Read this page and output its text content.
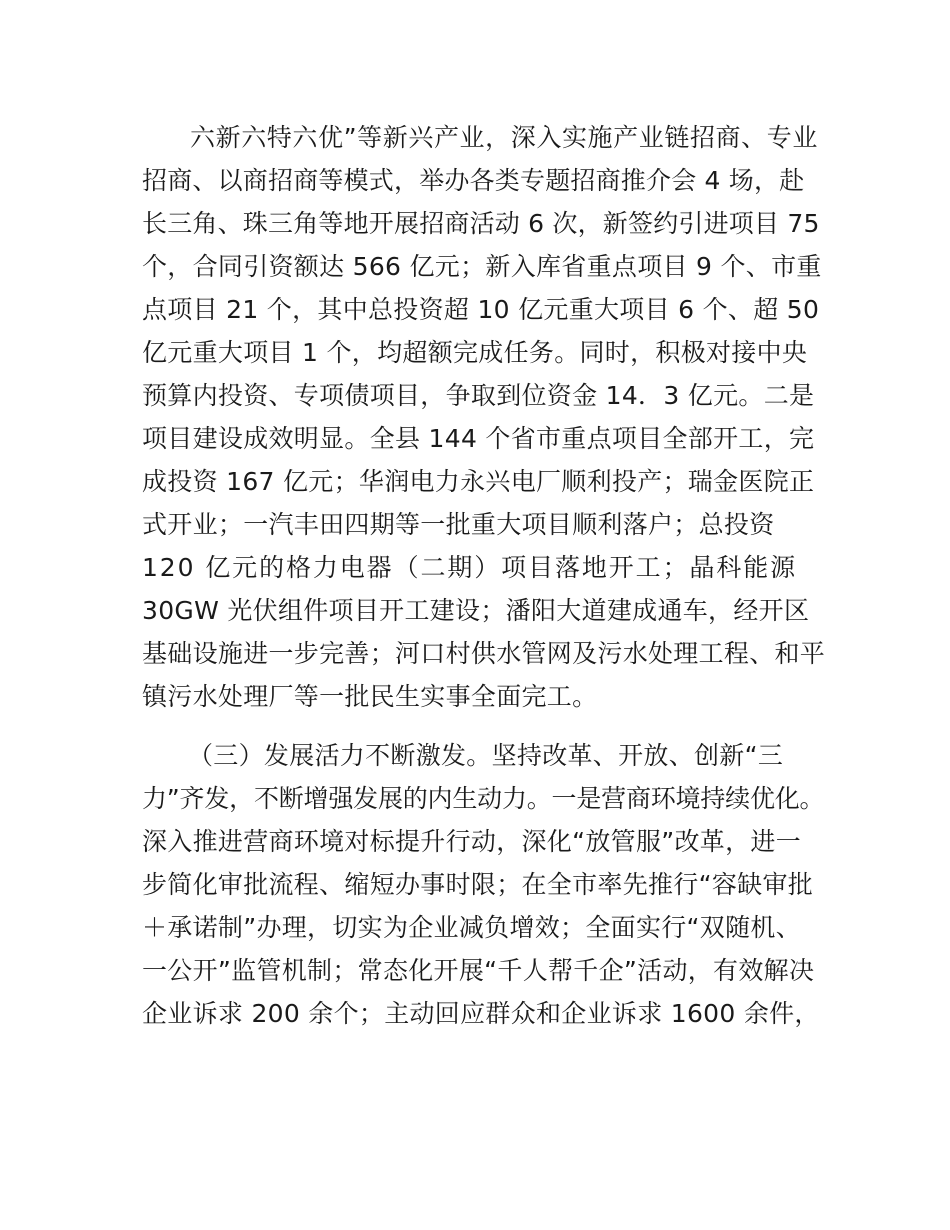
六新六特六优”等新兴产业，深入实施产业链招商、专业
招商、以商招商等模式，举办各类专题招商推介会 4 场，赴
长三角、珠三角等地开展招商活动 6 次，新签约引进项目 75
个，合同引资额达 566 亿元；新入库省重点项目 9 个、市重
点项目 21 个，其中总投资超 10 亿元重大项目 6 个、超 50
亿元重大项目 1 个，均超额完成任务。同时，积极对接中央
预算内投资、专项债项目，争取到位资金 14．3 亿元。二是
项目建设成效明显。全县 144 个省市重点项目全部开工，完
成投资 167 亿元；华润电力永兴电厂顺利投产；瑞金医院正
式开业；一汽丰田四期等一批重大项目顺利落户；总投资
120 亿元的格力电器（二期）项目落地开工；晶科能源
30GW 光伏组件项目开工建设；潘阳大道建成通车，经开区
基础设施进一步完善；河口村供水管网及污水处理工程、和平
镇污水处理厂等一批民生实事全面完工。
（三）发展活力不断激发。坚持改革、开放、创新“三
力”齐发，不断增强发展的内生动力。一是营商环境持续优化。
深入推进营商环境对标提升行动，深化“放管服”改革，进一
步简化审批流程、缩短办事时限；在全市率先推行“容缺审批
＋承诺制”办理，切实为企业减负增效；全面实行“双随机、
一公开”监管机制；常态化开展“千人帮千企”活动，有效解决
企业诉求 200 余个；主动回应群众和企业诉求 1600 余件，
